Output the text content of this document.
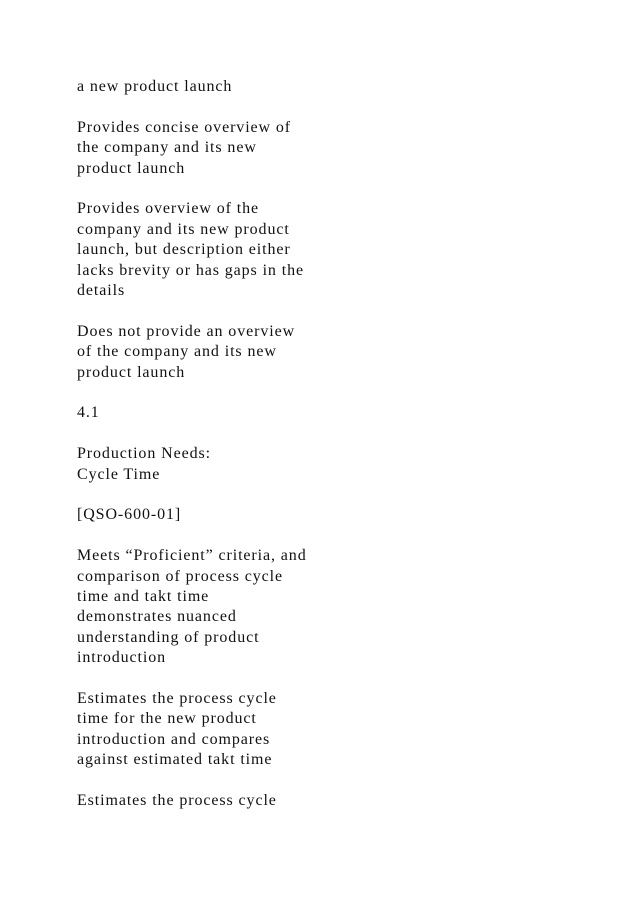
a new product launch

Provides concise overview of
the company and its new
product launch

Provides overview of the
company and its new product
launch, but description either
lacks brevity or has gaps in the
details

Does not provide an overview
of the company and its new
product launch

4.1

Production Needs:
Cycle Time

[QSO-600-01]

Meets “Proficient” criteria, and
comparison of process cycle
time and takt time
demonstrates nuanced
understanding of product
introduction

Estimates the process cycle
time for the new product
introduction and compares
against estimated takt time

Estimates the process cycle
